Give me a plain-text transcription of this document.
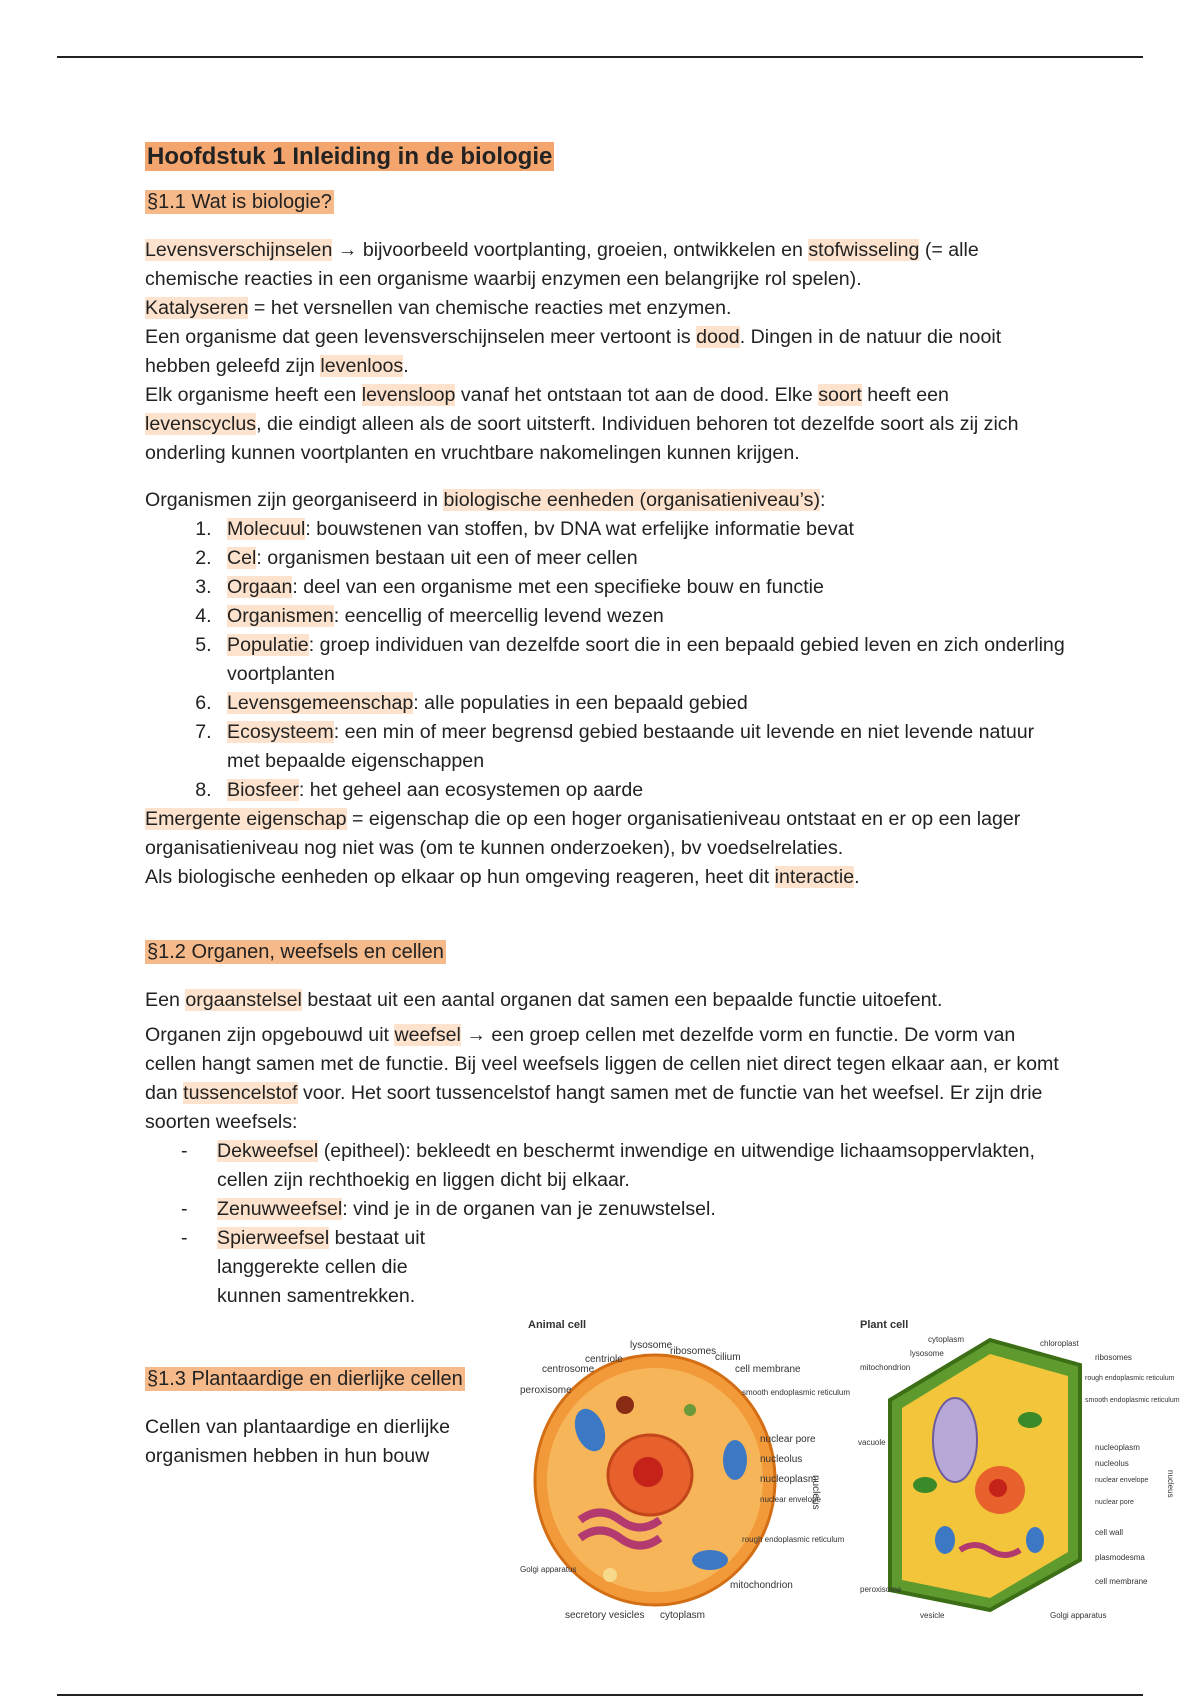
Hoofdstuk 1 Inleiding in de biologie
§1.1 Wat is biologie?

Levensverschijnselen → bijvoorbeeld voortplanting, groeien, ontwikkelen en stofwisseling (= alle chemische reacties in een organisme waarbij enzymen een belangrijke rol spelen).

Katalyseren = het versnellen van chemische reacties met enzymen.

Een organisme dat geen levensverschijnselen meer vertoont is dood. Dingen in de natuur die nooit hebben geleefd zijn levenloos.

Elk organisme heeft een levensloop vanaf het ontstaan tot aan de dood. Elke soort heeft een levenscyclus, die eindigt alleen als de soort uitsterft. Individuen behoren tot dezelfde soort als zij zich onderling kunnen voortplanten en vruchtbare nakomelingen kunnen krijgen.

Organismen zijn georganiseerd in biologische eenheden (organisatieniveau’s):

1. Molecuul: bouwstenen van stoffen, bv DNA wat erfelijke informatie bevat
2. Cel: organismen bestaan uit een of meer cellen
3. Orgaan: deel van een organisme met een specifieke bouw en functie
4. Organismen: eencellig of meercellig levend wezen
5. Populatie: groep individuen van dezelfde soort die in een bepaald gebied leven en zich onderling voortplanten
6. Levensgemeenschap: alle populaties in een bepaald gebied
7. Ecosysteem: een min of meer begrensd gebied bestaande uit levende en niet levende natuur met bepaalde eigenschappen
8. Biosfeer: het geheel aan ecosystemen op aarde

Emergente eigenschap = eigenschap die op een hoger organisatieniveau ontstaat en er op een lager organisatieniveau nog niet was (om te kunnen onderzoeken), bv voedselrelaties.

Als biologische eenheden op elkaar op hun omgeving reageren, heet dit interactie.

§1.2 Organen, weefsels en cellen

Een orgaanstelsel bestaat uit een aantal organen dat samen een bepaalde functie uitoefent.

Organen zijn opgebouwd uit weefsel → een groep cellen met dezelfde vorm en functie. De vorm van cellen hangt samen met de functie. Bij veel weefsels liggen de cellen niet direct tegen elkaar aan, er komt dan tussencelstof voor. Het soort tussencelstof hangt samen met de functie van het weefsel. Er zijn drie soorten weefsels:

- Dekweefsel (epitheel): bekleedt en beschermt inwendige en uitwendige lichaamsoppervlakten, cellen zijn rechthoekig en liggen dicht bij elkaar.
- Zenuwweefsel: vind je in de organen van je zenuwstelsel.
- Spierweefsel bestaat uit langgerekte cellen die kunnen samentrekken.
§1.3 Plantaardige en dierlijke cellen

Cellen van plantaardige en dierlijke organismen hebben in hun bouw

Animal cell
lysosome
ribosomes
centriole	cilium
centrosome	cell membrane
peroxisome	smooth endoplasmic reticulum
nuclear pore
nucleolus
nucleoplasm
nuclear envelope
nucleus
rough endoplasmic reticulum
Golgi apparatus
mitochondrion
secretory vesicles cytoplasm
Plant cell
cytoplasm	chloroplast
lysosome	ribosomes
mitochondrion
rough endoplasmic reticulum
smooth endoplasmic reticulum
vacuole
nucleoplasm
nucleolus
nuclear envelope
nuclear pore
nucleus
cell wall
plasmodesma
cell membrane
peroxisome
vesicle	Golgi apparatus
